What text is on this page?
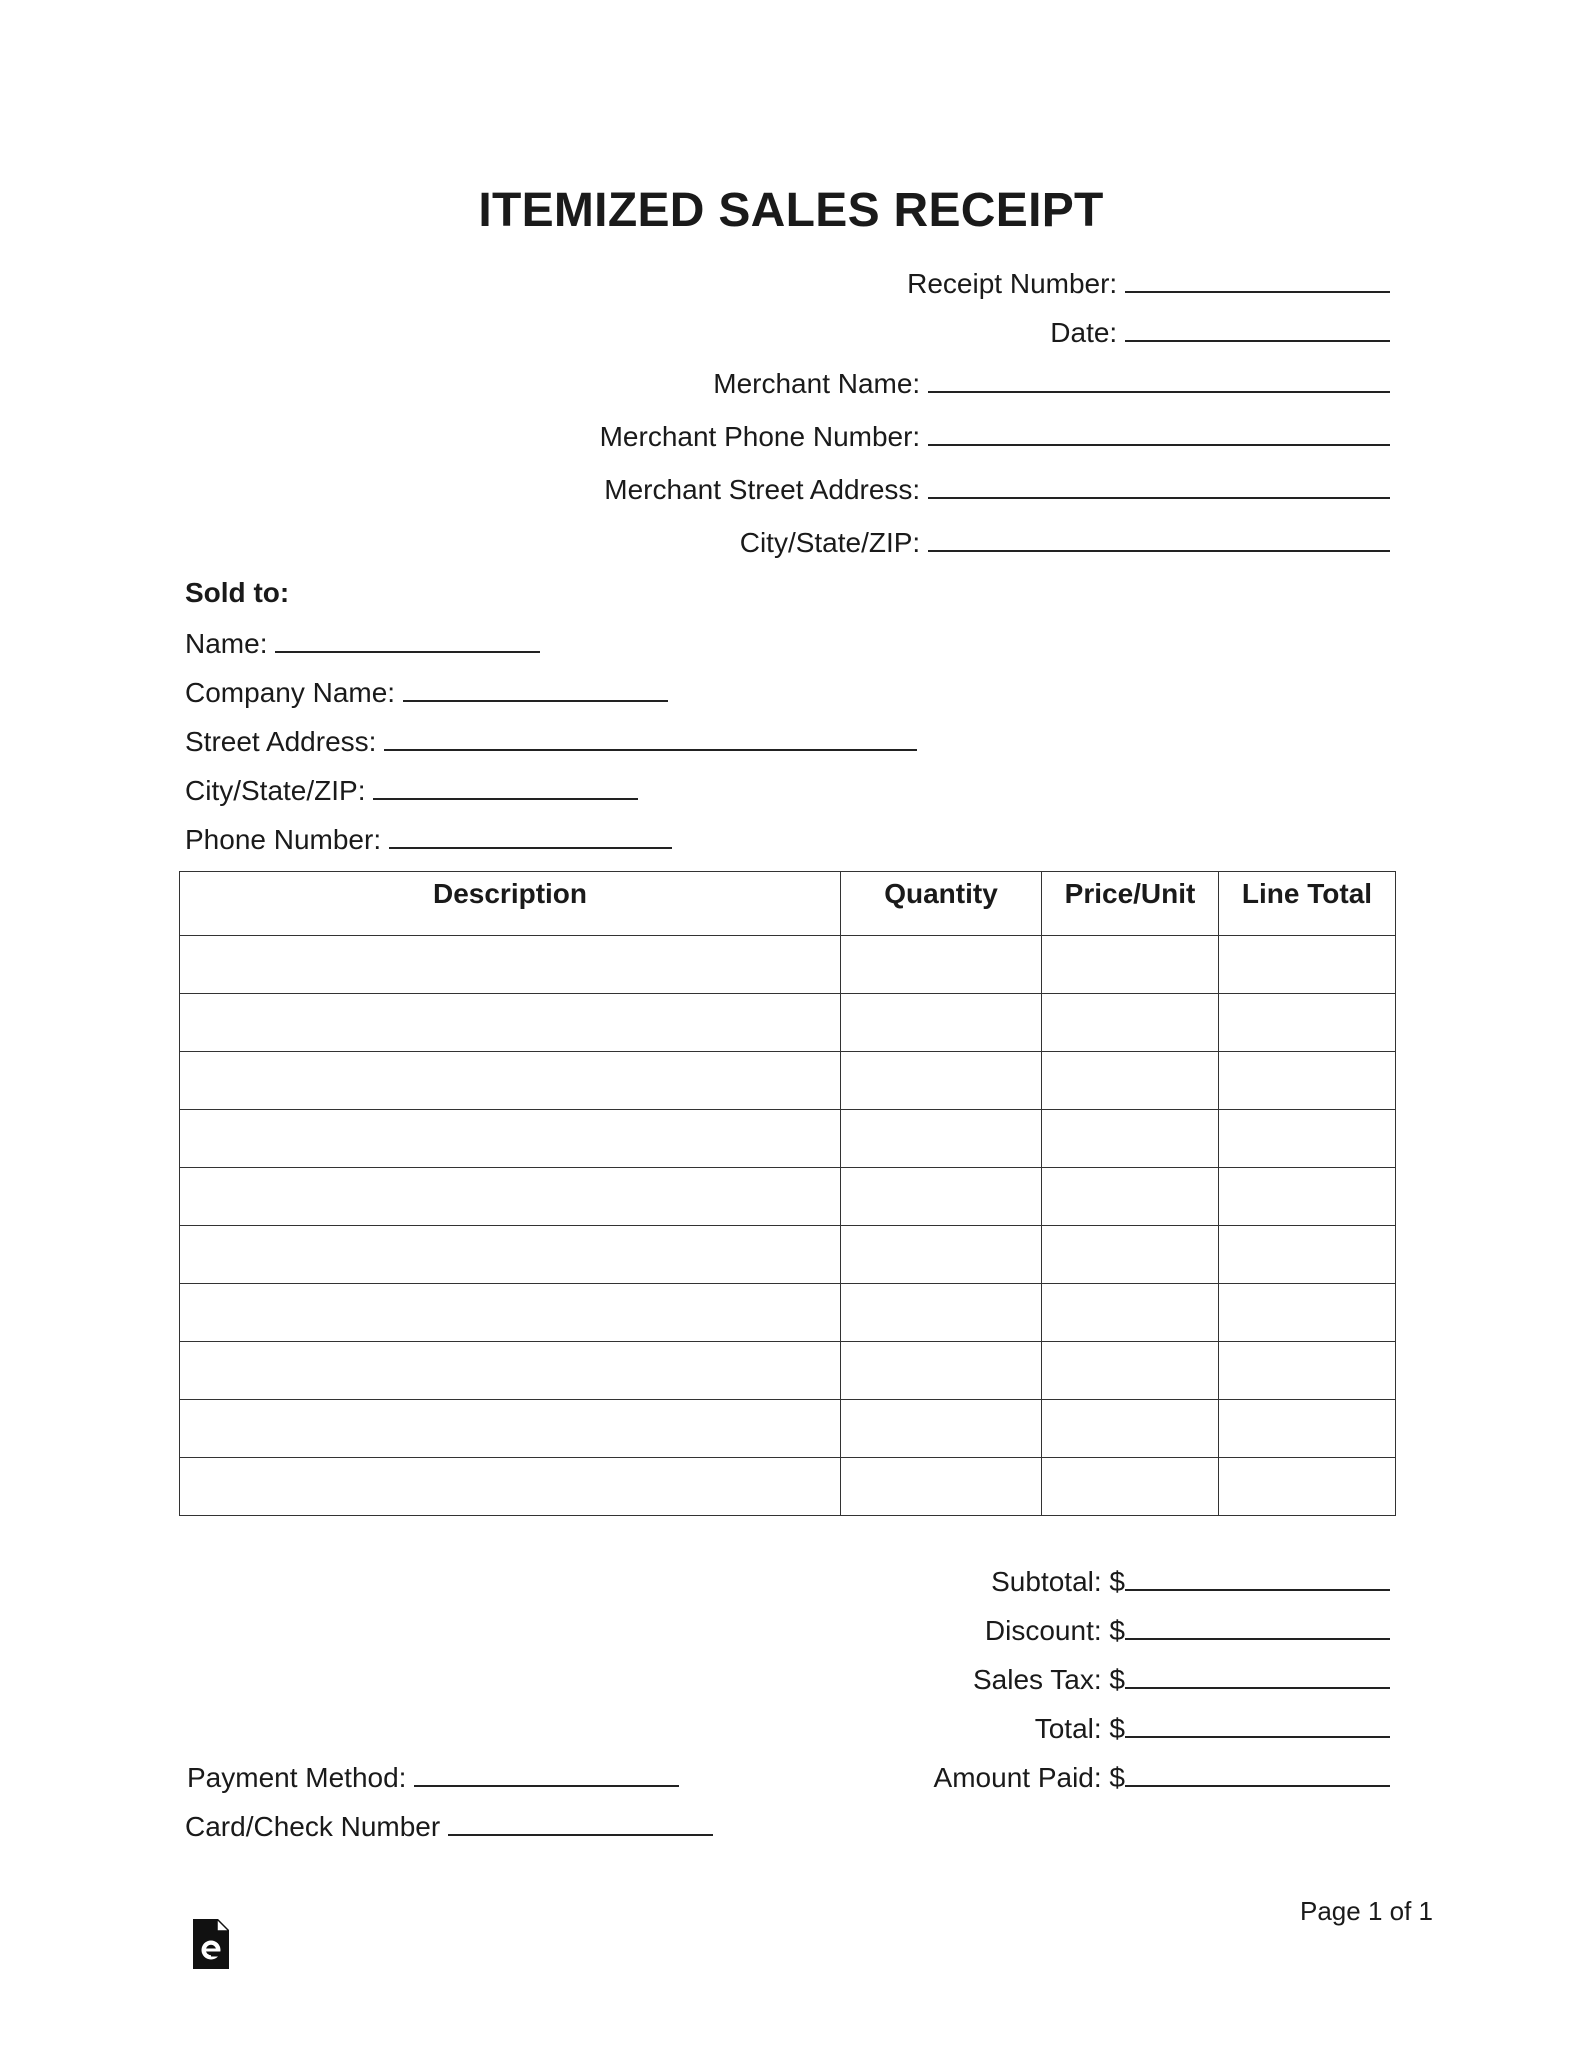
ITEMIZED SALES RECEIPT
Receipt Number:
Date:
Merchant Name:
Merchant Phone Number:
Merchant Street Address:
City/State/ZIP:
Sold to:
Name:
Company Name:
Street Address:
City/State/ZIP:
Phone Number:
Description	Quantity	Price/Unit	Line Total

Subtotal: $
Discount: $
Sales Tax: $
Total: $
Amount Paid: $
Payment Method:
Card/Check Number
Page 1 of 1
